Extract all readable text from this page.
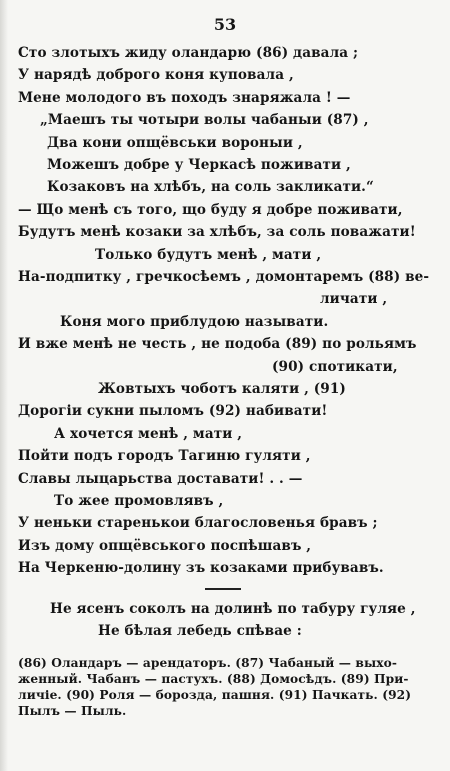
53
Сто злотыхъ жиду оландарю (86) давала ;
У нарядѣ доброго коня куповала ,
Мене молодого въ походъ знаряжала ! —
„Маешъ ты чотыри волы чабаныи (87) ,
Два кони опщёвськи вороныи ,
Можешъ добре у Черкасѣ поживати ,
Козаковъ на хлѣбъ, на соль закликати.“
— Що менѣ съ того, що буду я добре поживати,
Будутъ менѣ козаки за хлѣбъ, за соль поважати!
Только будутъ менѣ , мати ,
На-подпитку , гречкосѣемъ , домонтаремъ (88) ве-
личати ,
Коня мого приблудою называти.
И вже менѣ не честь , не подоба (89) по рольямъ
(90) спотикати,
Жовтыхъ чоботъ каляти , (91)
Дорогіи сукни пыломъ (92) набивати!
А хочется менѣ , мати ,
Пойти подъ городъ Тагиню гуляти ,
Славы лыцарьства доставати! . . —
То жее промовлявъ ,
У неньки старенькои благословенья бравъ ;
Изъ дому опщёвського поспѣшавъ ,
На Черкеню-долину зъ козаками прибувавъ.
Не ясенъ соколъ на долинѣ по табуру гуляе ,
Не бѣлая лебедь спѣвае :
(86) Оландаръ — арендаторъ. (87) Чабаный — выхо-
женный. Чабанъ — пастухъ. (88) Домосѣдъ. (89) При-
личіе. (90) Роля — борозда, пашня. (91) Пачкать. (92)
Пылъ — Пыль.
